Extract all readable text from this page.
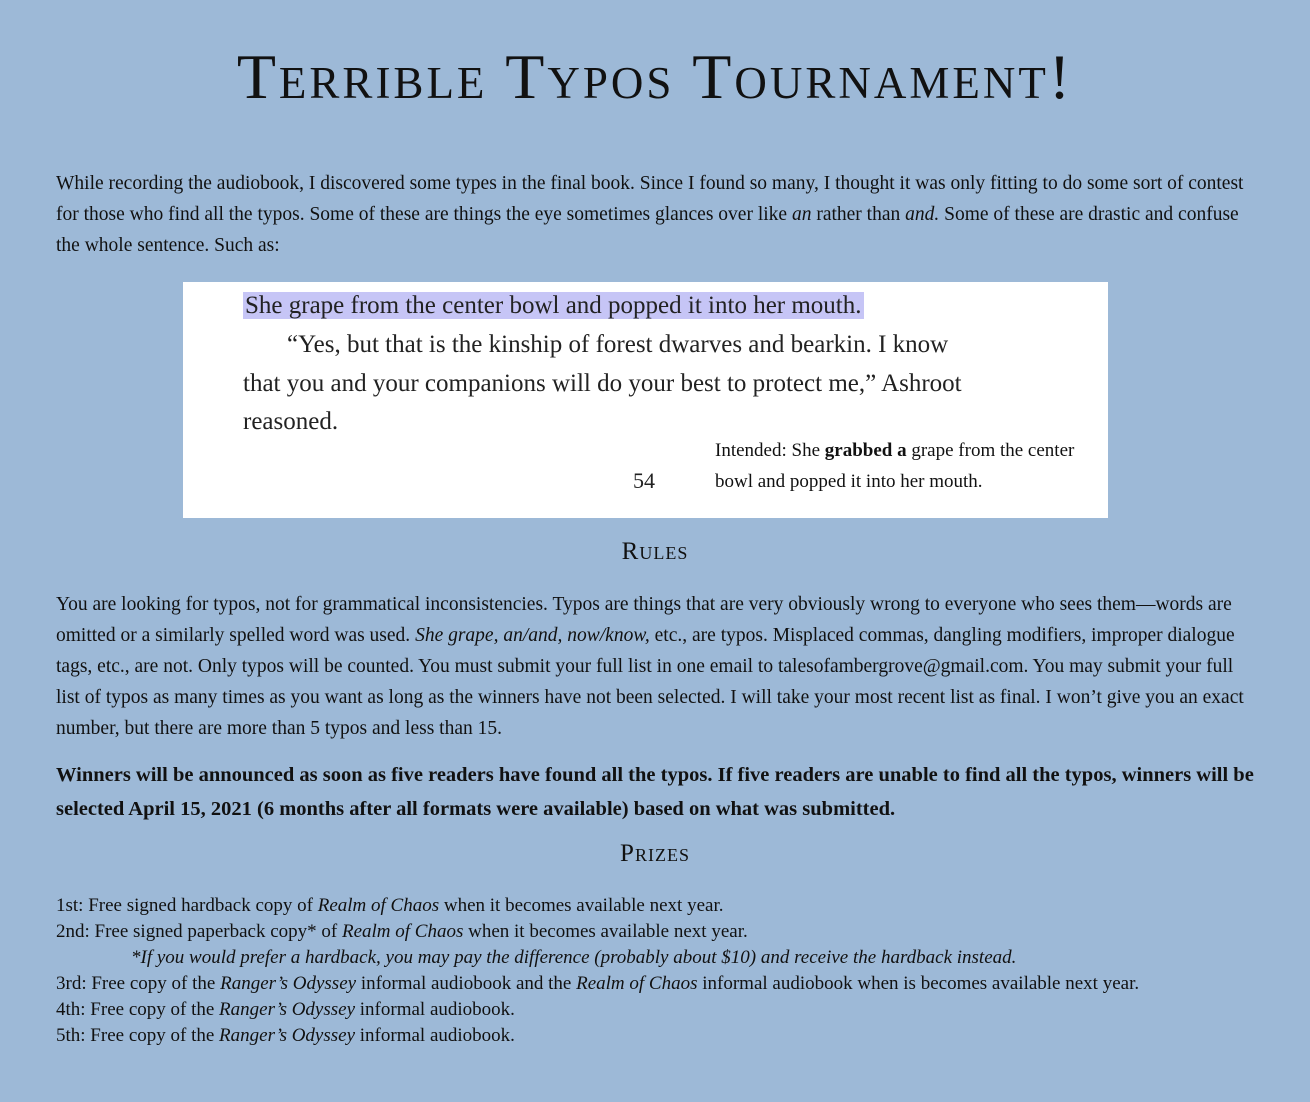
Terrible Typos Tournament!
While recording the audiobook, I discovered some types in the final book. Since I found so many, I thought it was only fitting to do some sort of contest for those who find all the typos. Some of these are things the eye sometimes glances over like an rather than and. Some of these are drastic and confuse the whole sentence. Such as:
She grape from the center bowl and popped it into her mouth.
“Yes, but that is the kinship of forest dwarves and bearkin. I know
that you and your companions will do your best to protect me,” Ashroot
reasoned.
54
Intended: She grabbed a grape from the center bowl and popped it into her mouth.
Rules
You are looking for typos, not for grammatical inconsistencies. Typos are things that are very obviously wrong to everyone who sees them—words are omitted or a similarly spelled word was used. She grape, an/and, now/know, etc., are typos. Misplaced commas, dangling modifiers, improper dialogue tags, etc., are not. Only typos will be counted. You must submit your full list in one email to talesofambergrove@gmail.com. You may submit your full list of typos as many times as you want as long as the winners have not been selected. I will take your most recent list as final. I won’t give you an exact number, but there are more than 5 typos and less than 15.
Winners will be announced as soon as five readers have found all the typos. If five readers are unable to find all the typos, winners will be selected April 15, 2021 (6 months after all formats were available) based on what was submitted.
Prizes
1st: Free signed hardback copy of Realm of Chaos when it becomes available next year.
2nd: Free signed paperback copy* of Realm of Chaos when it becomes available next year.
*If you would prefer a hardback, you may pay the difference (probably about $10) and receive the hardback instead.
3rd: Free copy of the Ranger’s Odyssey informal audiobook and the Realm of Chaos informal audiobook when is becomes available next year.
4th: Free copy of the Ranger’s Odyssey informal audiobook.
5th: Free copy of the Ranger’s Odyssey informal audiobook.
